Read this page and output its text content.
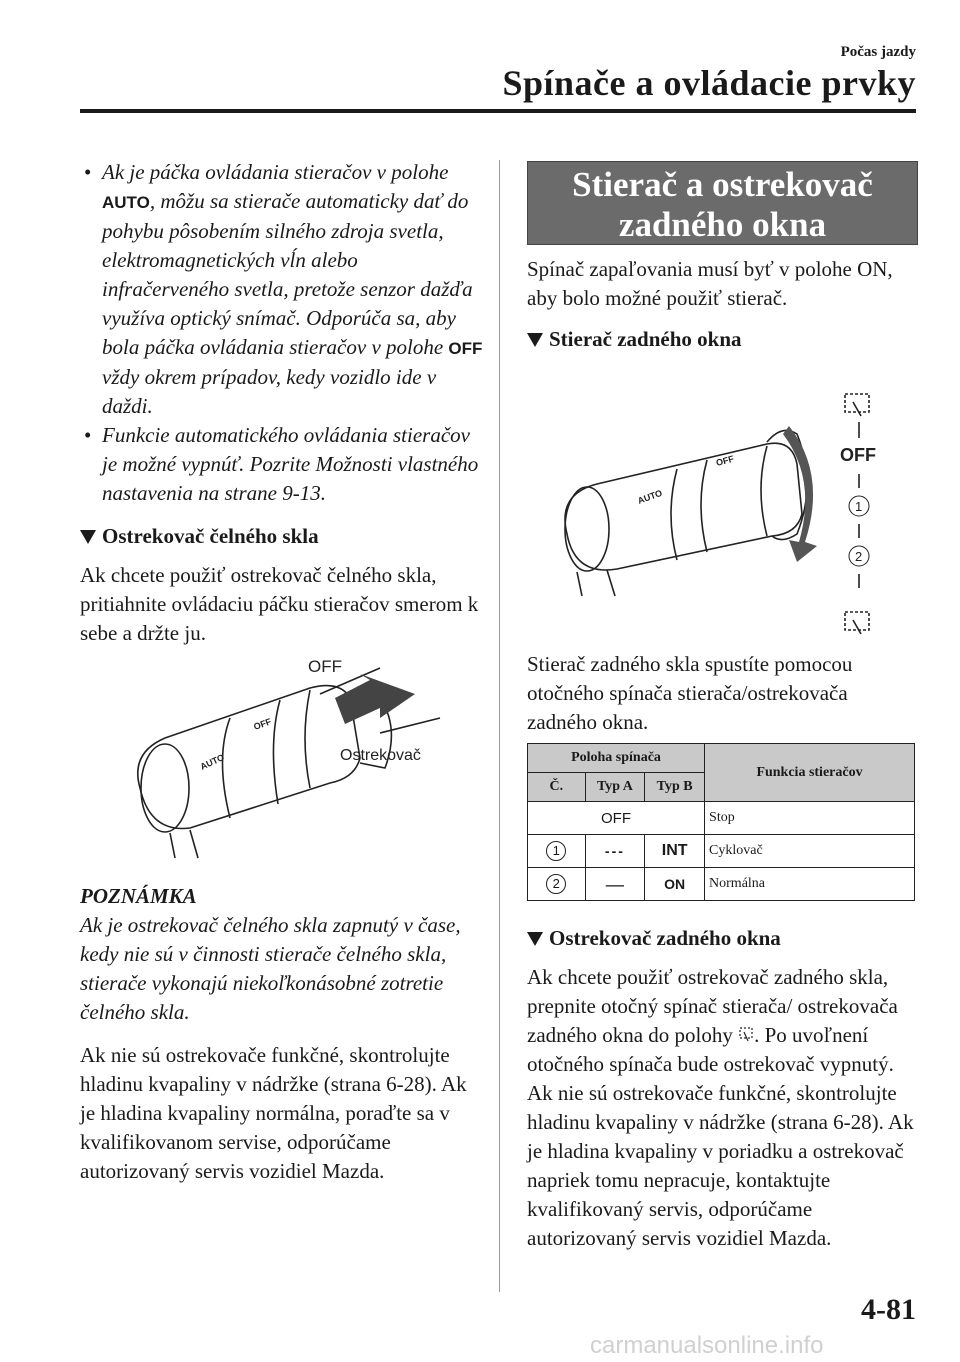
Počas jazdy
Spínače a ovládacie prvky
• Ak je páčka ovládania stieračov v polohe AUTO, môžu sa stierače automaticky dať do pohybu pôsobením silného zdroja svetla, elektromagnetických vĺn alebo infračerveného svetla, pretože senzor dažďa využíva optický snímač. Odporúča sa, aby bola páčka ovládania stieračov v polohe OFF vždy okrem prípadov, kedy vozidlo ide v daždi.
• Funkcie automatického ovládania stieračov je možné vypnúť. Pozrite Možnosti vlastného nastavenia na strane 9-13.
Ostrekovač čelného skla

Ak chcete použiť ostrekovač čelného skla, pritiahnite ovládaciu páčku stieračov smerom k sebe a držte ju.

OFF
Ostrekovač
OFF
AUTO
POZNÁMKA

Ak je ostrekovač čelného skla zapnutý v čase, kedy nie sú v činnosti stierače čelného skla, stierače vykonajú niekoľkonásobné zotretie čelného skla.

Ak nie sú ostrekovače funkčné, skontrolujte hladinu kvapaliny v nádržke (strana 6-28). Ak je hladina kvapaliny normálna, poraďte sa v kvalifikovanom servise, odporúčame autorizovaný servis vozidiel Mazda.

Stierač a ostrekovač zadného okna

Spínač zapaľovania musí byť v polohe ON, aby bolo možné použiť stierač.

Stierač zadného okna
OFF
1
2
OFF
AUTO

Stierač zadného skla spustíte pomocou otočného spínača stierača/ostrekovača zadného okna.

Poloha spínača			Funkcia stieračov
Č.	Typ A	Typ B	
OFF			Stop
1	---	INT	Cyklovač
2	—	ON	Normálna
Ostrekovač zadného okna

Ak chcete použiť ostrekovač zadného skla, prepnite otočný spínač stierača/ ostrekovača zadného okna do polohy . Po uvoľnení otočného spínača bude ostrekovač vypnutý. Ak nie sú ostrekovače funkčné, skontrolujte hladinu kvapaliny v nádržke (strana 6-28). Ak je hladina kvapaliny v poriadku a ostrekovač napriek tomu nepracuje, kontaktujte kvalifikovaný servis, odporúčame autorizovaný servis vozidiel Mazda.

4-81
carmanualsonline.info
